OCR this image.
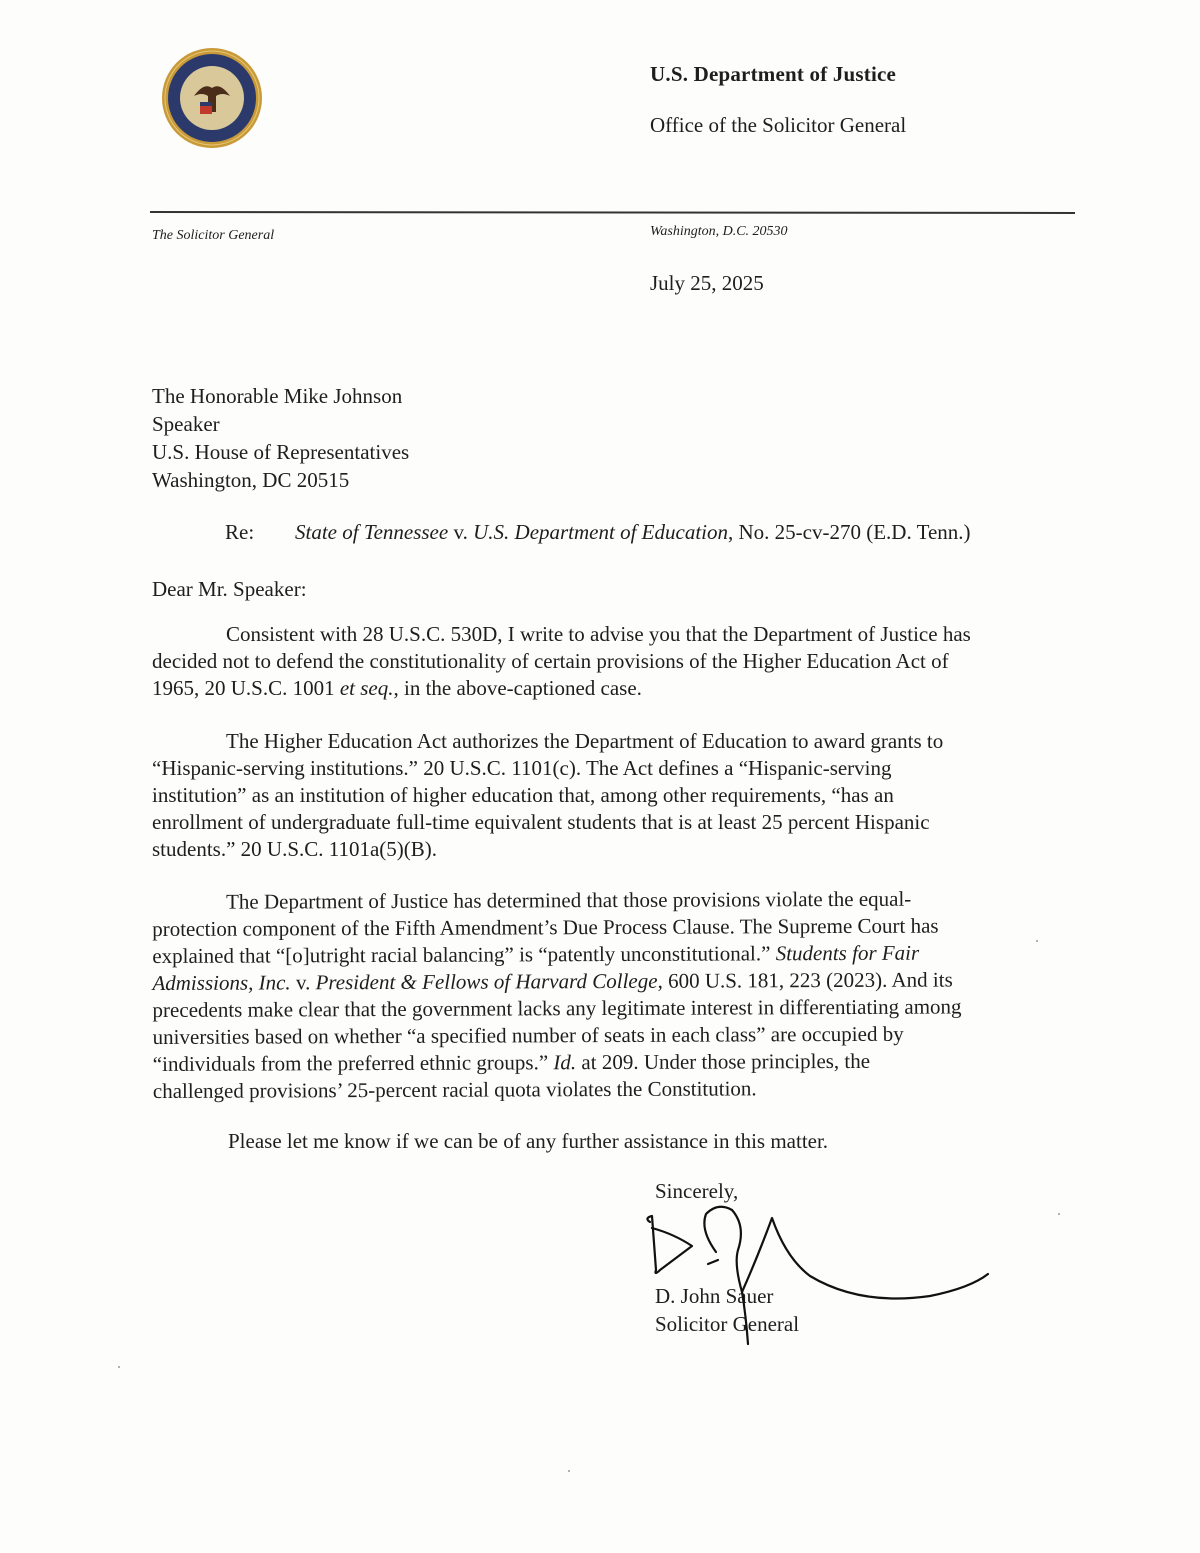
U.S. Department of Justice
Office of the Solicitor General
The Solicitor General	Washington, D.C. 20530
July 25, 2025
The Honorable Mike Johnson
Speaker
U.S. House of Representatives
Washington, DC 20515
Re: State of Tennessee v. U.S. Department of Education, No. 25-cv-270 (E.D. Tenn.)
Dear Mr. Speaker:
Consistent with 28 U.S.C. 530D, I write to advise you that the Department of Justice has
decided not to defend the constitutionality of certain provisions of the Higher Education Act of
1965, 20 U.S.C. 1001 et seq., in the above-captioned case.
The Higher Education Act authorizes the Department of Education to award grants to
“Hispanic-serving institutions.” 20 U.S.C. 1101(c). The Act defines a “Hispanic-serving
institution” as an institution of higher education that, among other requirements, “has an
enrollment of undergraduate full-time equivalent students that is at least 25 percent Hispanic
students.” 20 U.S.C. 1101a(5)(B).
The Department of Justice has determined that those provisions violate the equal-
protection component of the Fifth Amendment’s Due Process Clause. The Supreme Court has
explained that “[o]utright racial balancing” is “patently unconstitutional.” Students for Fair
Admissions, Inc. v. President & Fellows of Harvard College, 600 U.S. 181, 223 (2023). And its
precedents make clear that the government lacks any legitimate interest in differentiating among
universities based on whether “a specified number of seats in each class” are occupied by
“individuals from the preferred ethnic groups.” Id. at 209. Under those principles, the
challenged provisions’ 25-percent racial quota violates the Constitution.
Please let me know if we can be of any further assistance in this matter.
Sincerely,
D. John Sauer
Solicitor General
